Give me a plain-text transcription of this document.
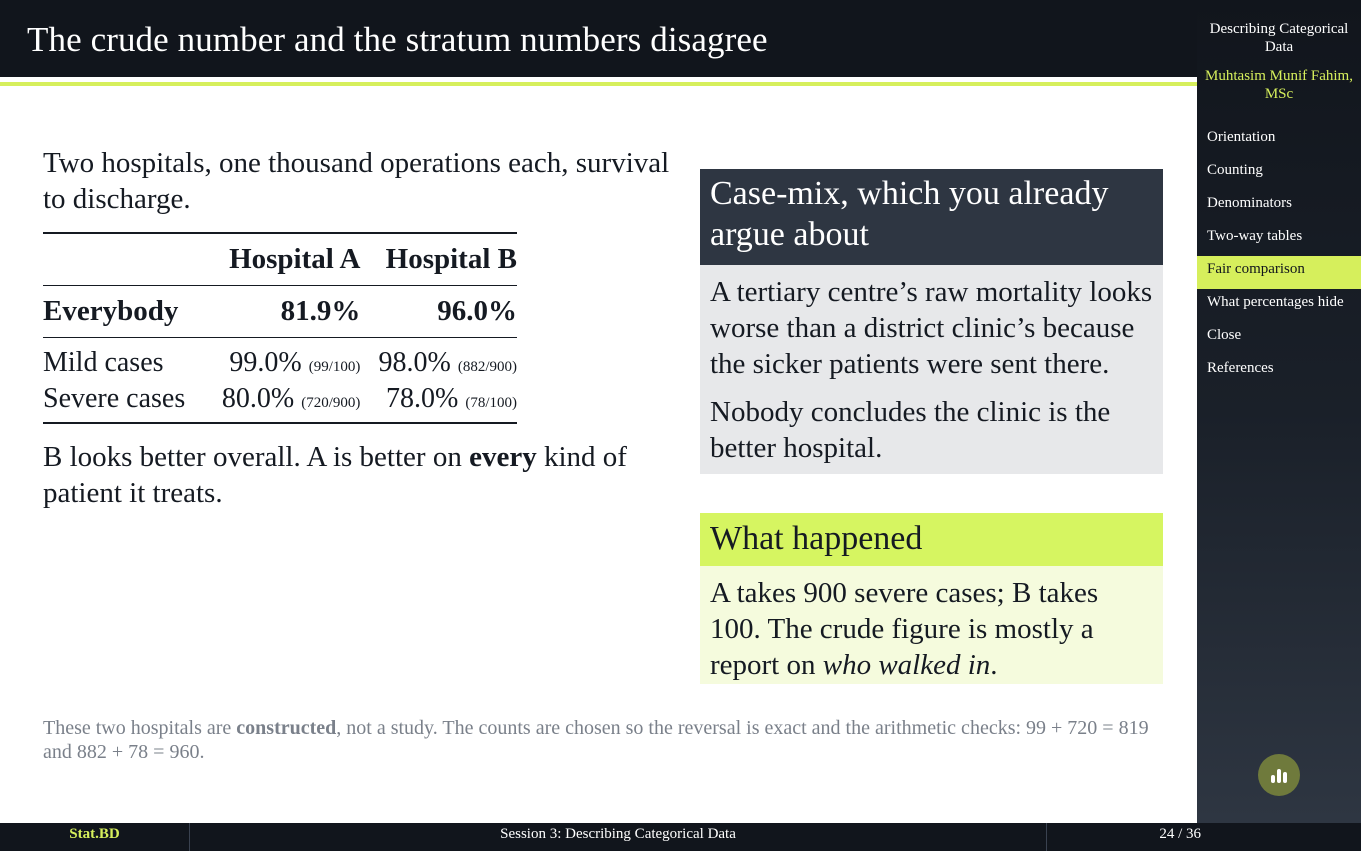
The crude number and the stratum numbers disagree	Describing Categorical Data
Muhtasim Munif Fahim, MSc
Orientation
Counting
Denominators
Two-way tables
Fair comparison
What percentages hide
Close
References
Two hospitals, one thousand operations each, survival to discharge.
	Hospital A	Hospital B
Everybody	81.9%	96.0%
Mild cases	99.0% (99/100)	98.0% (882/900)
Severe cases	80.0% (720/900)	78.0% (78/100)
B looks better overall. A is better on every kind of patient it treats.
Case-mix, which you already argue about

A tertiary centre’s raw mortality looks worse than a district clinic’s because the sicker patients were sent there.

Nobody concludes the clinic is the better hospital.

What happened
A takes 900 severe cases; B takes 100. The crude figure is mostly a report on who walked in.
These two hospitals are constructed, not a study. The counts are chosen so the reversal is exact and the arithmetic checks: 99 + 720 = 819 and 882 + 78 = 960.
Stat.BD	Session 3: Describing Categorical Data	24 / 36
